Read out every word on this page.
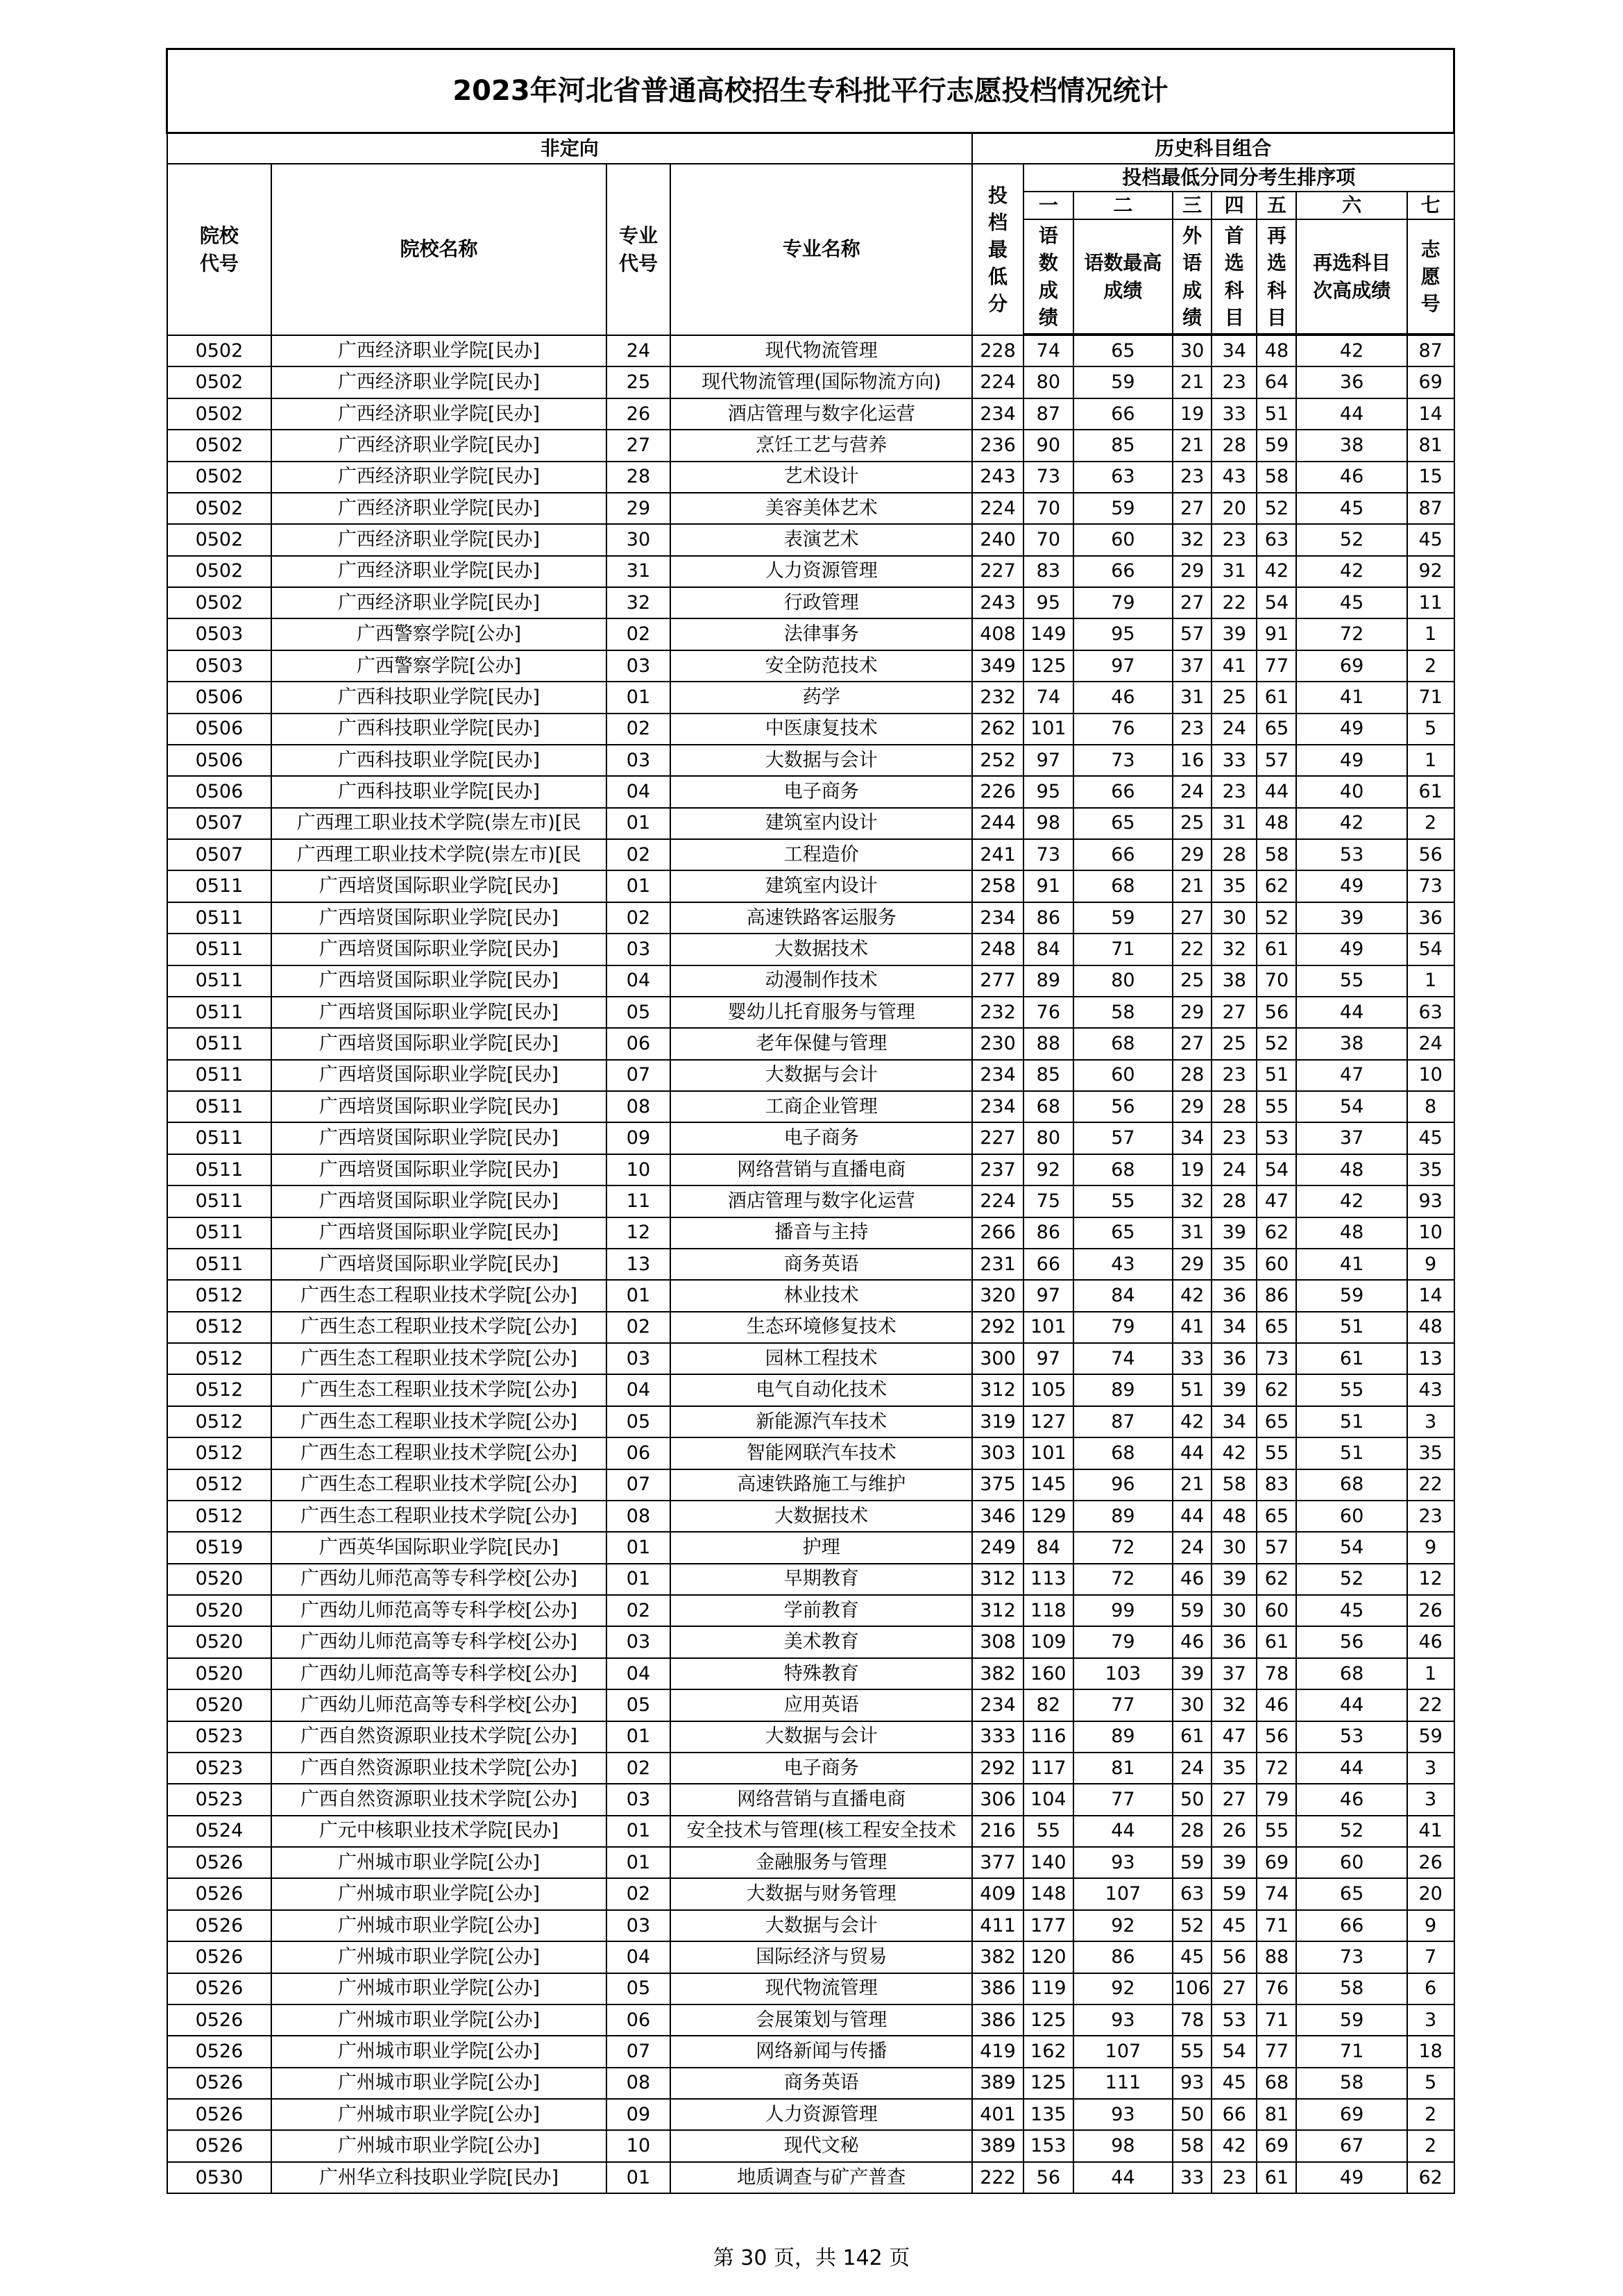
2023年河北省普通高校招生专科批平行志愿投档情况统计											
非定向				历史科目组合							
院校代号	院校名称	专业代号	专业名称	投档最低分	投档最低分同分考生排序项						
					一	二	三	四	五	六	七
					语数成绩	语数最高成绩	外语成绩	首选科目	再选科目	再选科目次高成绩	志愿号

0502	广西经济职业学院[民办]	24	现代物流管理	228	74	65	30	34	48	42	87
0502	广西经济职业学院[民办]	25	现代物流管理(国际物流方向)	224	80	59	21	23	64	36	69
0502	广西经济职业学院[民办]	26	酒店管理与数字化运营	234	87	66	19	33	51	44	14
0502	广西经济职业学院[民办]	27	烹饪工艺与营养	236	90	85	21	28	59	38	81
0502	广西经济职业学院[民办]	28	艺术设计	243	73	63	23	43	58	46	15
0502	广西经济职业学院[民办]	29	美容美体艺术	224	70	59	27	20	52	45	87
0502	广西经济职业学院[民办]	30	表演艺术	240	70	60	32	23	63	52	45
0502	广西经济职业学院[民办]	31	人力资源管理	227	83	66	29	31	42	42	92
0502	广西经济职业学院[民办]	32	行政管理	243	95	79	27	22	54	45	11
0503	广西警察学院[公办]	02	法律事务	408	149	95	57	39	91	72	1
0503	广西警察学院[公办]	03	安全防范技术	349	125	97	37	41	77	69	2
0506	广西科技职业学院[民办]	01	药学	232	74	46	31	25	61	41	71
0506	广西科技职业学院[民办]	02	中医康复技术	262	101	76	23	24	65	49	5
0506	广西科技职业学院[民办]	03	大数据与会计	252	97	73	16	33	57	49	1
0506	广西科技职业学院[民办]	04	电子商务	226	95	66	24	23	44	40	61
0507	广西理工职业技术学院(崇左市)[民	01	建筑室内设计	244	98	65	25	31	48	42	2
0507	广西理工职业技术学院(崇左市)[民	02	工程造价	241	73	66	29	28	58	53	56
0511	广西培贤国际职业学院[民办]	01	建筑室内设计	258	91	68	21	35	62	49	73
0511	广西培贤国际职业学院[民办]	02	高速铁路客运服务	234	86	59	27	30	52	39	36
0511	广西培贤国际职业学院[民办]	03	大数据技术	248	84	71	22	32	61	49	54
0511	广西培贤国际职业学院[民办]	04	动漫制作技术	277	89	80	25	38	70	55	1
0511	广西培贤国际职业学院[民办]	05	婴幼儿托育服务与管理	232	76	58	29	27	56	44	63
0511	广西培贤国际职业学院[民办]	06	老年保健与管理	230	88	68	27	25	52	38	24
0511	广西培贤国际职业学院[民办]	07	大数据与会计	234	85	60	28	23	51	47	10
0511	广西培贤国际职业学院[民办]	08	工商企业管理	234	68	56	29	28	55	54	8
0511	广西培贤国际职业学院[民办]	09	电子商务	227	80	57	34	23	53	37	45
0511	广西培贤国际职业学院[民办]	10	网络营销与直播电商	237	92	68	19	24	54	48	35
0511	广西培贤国际职业学院[民办]	11	酒店管理与数字化运营	224	75	55	32	28	47	42	93
0511	广西培贤国际职业学院[民办]	12	播音与主持	266	86	65	31	39	62	48	10
0511	广西培贤国际职业学院[民办]	13	商务英语	231	66	43	29	35	60	41	9
0512	广西生态工程职业技术学院[公办]	01	林业技术	320	97	84	42	36	86	59	14
0512	广西生态工程职业技术学院[公办]	02	生态环境修复技术	292	101	79	41	34	65	51	48
0512	广西生态工程职业技术学院[公办]	03	园林工程技术	300	97	74	33	36	73	61	13
0512	广西生态工程职业技术学院[公办]	04	电气自动化技术	312	105	89	51	39	62	55	43
0512	广西生态工程职业技术学院[公办]	05	新能源汽车技术	319	127	87	42	34	65	51	3
0512	广西生态工程职业技术学院[公办]	06	智能网联汽车技术	303	101	68	44	42	55	51	35
0512	广西生态工程职业技术学院[公办]	07	高速铁路施工与维护	375	145	96	21	58	83	68	22
0512	广西生态工程职业技术学院[公办]	08	大数据技术	346	129	89	44	48	65	60	23
0519	广西英华国际职业学院[民办]	01	护理	249	84	72	24	30	57	54	9
0520	广西幼儿师范高等专科学校[公办]	01	早期教育	312	113	72	46	39	62	52	12
0520	广西幼儿师范高等专科学校[公办]	02	学前教育	312	118	99	59	30	60	45	26
0520	广西幼儿师范高等专科学校[公办]	03	美术教育	308	109	79	46	36	61	56	46
0520	广西幼儿师范高等专科学校[公办]	04	特殊教育	382	160	103	39	37	78	68	1
0520	广西幼儿师范高等专科学校[公办]	05	应用英语	234	82	77	30	32	46	44	22
0523	广西自然资源职业技术学院[公办]	01	大数据与会计	333	116	89	61	47	56	53	59
0523	广西自然资源职业技术学院[公办]	02	电子商务	292	117	81	24	35	72	44	3
0523	广西自然资源职业技术学院[公办]	03	网络营销与直播电商	306	104	77	50	27	79	46	3
0524	广元中核职业技术学院[民办]	01	安全技术与管理(核工程安全技术	216	55	44	28	26	55	52	41
0526	广州城市职业学院[公办]	01	金融服务与管理	377	140	93	59	39	69	60	26
0526	广州城市职业学院[公办]	02	大数据与财务管理	409	148	107	63	59	74	65	20
0526	广州城市职业学院[公办]	03	大数据与会计	411	177	92	52	45	71	66	9
0526	广州城市职业学院[公办]	04	国际经济与贸易	382	120	86	45	56	88	73	7
0526	广州城市职业学院[公办]	05	现代物流管理	386	119	92	106	27	76	58	6
0526	广州城市职业学院[公办]	06	会展策划与管理	386	125	93	78	53	71	59	3
0526	广州城市职业学院[公办]	07	网络新闻与传播	419	162	107	55	54	77	71	18
0526	广州城市职业学院[公办]	08	商务英语	389	125	111	93	45	68	58	5
0526	广州城市职业学院[公办]	09	人力资源管理	401	135	93	50	66	81	69	2
0526	广州城市职业学院[公办]	10	现代文秘	389	153	98	58	42	69	67	2
0530	广州华立科技职业学院[民办]	01	地质调查与矿产普查	222	56	44	33	23	61	49	62
第 30 页，共 142 页
